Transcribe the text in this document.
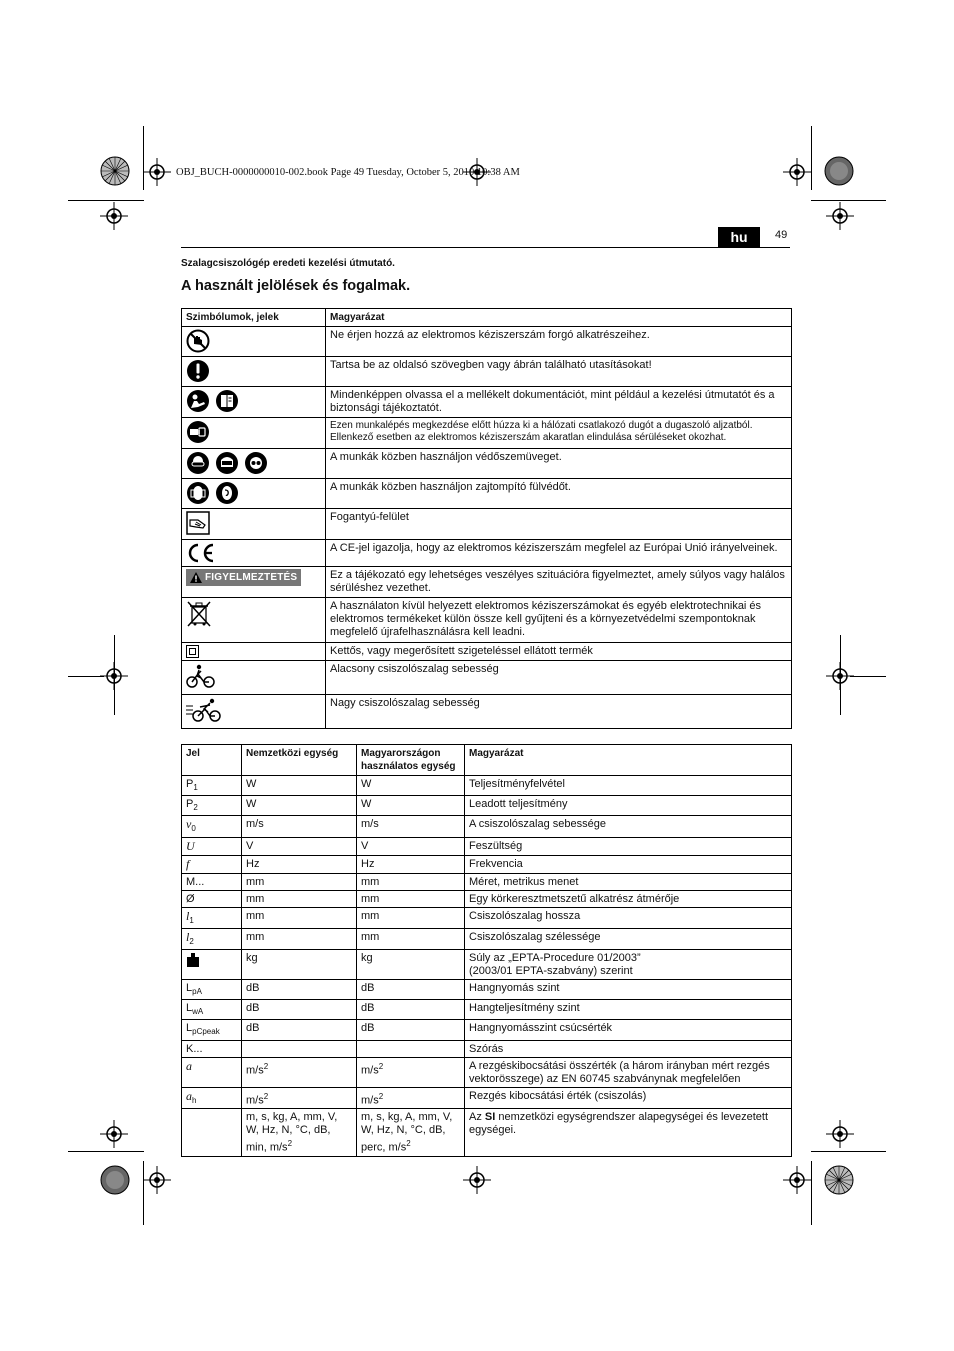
OBJ_BUCH-0000000010-002.book Page 49 Tuesday, October 5, 2010 10:38 AM
hu	49
Szalagcsiszológép eredeti kezelési útmutató.
A használt jelölések és fogalmak.
Szimbólumok, jelek	Magyarázat
	Ne érjen hozzá az elektromos kéziszerszám forgó alkatrészeihez.
	Tartsa be az oldalsó szövegben vagy ábrán található utasításokat!
	Mindenképpen olvassa el a mellékelt dokumentációt, mint például a kezelési útmutatót és a biztonsági tájékoztatót.
	Ezen munkalépés megkezdése előtt húzza ki a hálózati csatlakozó dugót a dugaszoló aljzatból. Ellenkező esetben az elektromos kéziszerszám akaratlan elindulása sérüléseket okozhat.
	A munkák közben használjon védőszemüveget.
	A munkák közben használjon zajtompító fülvédőt.
	Fogantyú-felület
	A CE-jel igazolja, hogy az elektromos kéziszerszám megfelel az Európai Unió irányelveinek.

FIGYELMEZTETÉS	Ez a tájékozató egy lehetséges veszélyes szituációra figyelmeztet, amely súlyos vagy halálos sérüléshez vezethet.
	A használaton kívül helyezett elektromos kéziszerszámokat és egyéb elektrotechnikai és elektromos termékeket külön össze kell gyűjteni és a környezetvédelmi szempontoknak megfelelő újrafelhasználásra kell leadni.
	Kettős, vagy megerősített szigeteléssel ellátott termék
	Alacsony csiszolószalag sebesség
	Nagy csiszolószalag sebesség
Jel	Nemzetközi egység	Magyarországon használatos egység	Magyarázat
$P_1$	W	W	Teljesítményfelvétel
$P_2$	W	W	Leadott teljesítmény
$v_0$	m/s	m/s	A csiszolószalag sebessége
U	V	V	Feszültség
f	Hz	Hz	Frekvencia
M...	mm	mm	Méret, metrikus menet
Ø	mm	mm	Egy körkeresztmetszetű alkatrész átmérője
$l_1$	mm	mm	Csiszolószalag hossza
$l_2$	mm	mm	Csiszolószalag szélessége
	kg	kg	Súly az „EPTA-Procedure 01/2003”
(2003/01 EPTA-szabvány) szerint
$L_{pA}$	dB	dB	Hangnyomás szint
$L_{wA}$	dB	dB	Hangteljesítmény szint
$L_{pCpeak}$	dB	dB	Hangnyomásszint csúcsérték
K...			Szórás
a	$m/s^2$	$m/s^2$	A rezgéskibocsátási összérték (a három irányban mért rezgés vektorösszege) az EN 60745 szabványnak megfelelően
$a_h$	$m/s^2$	$m/s^2$	Rezgés kibocsátási érték (csiszolás)
	m, s, kg, A, mm, V, W, Hz, N, °C, dB, min, $m/s^2$	m, s, kg, A, mm, V, W, Hz, N, °C, dB, perc, $m/s^2$	Az SI nemzetközi egységrendszer alapegységei és levezetett egységei.
